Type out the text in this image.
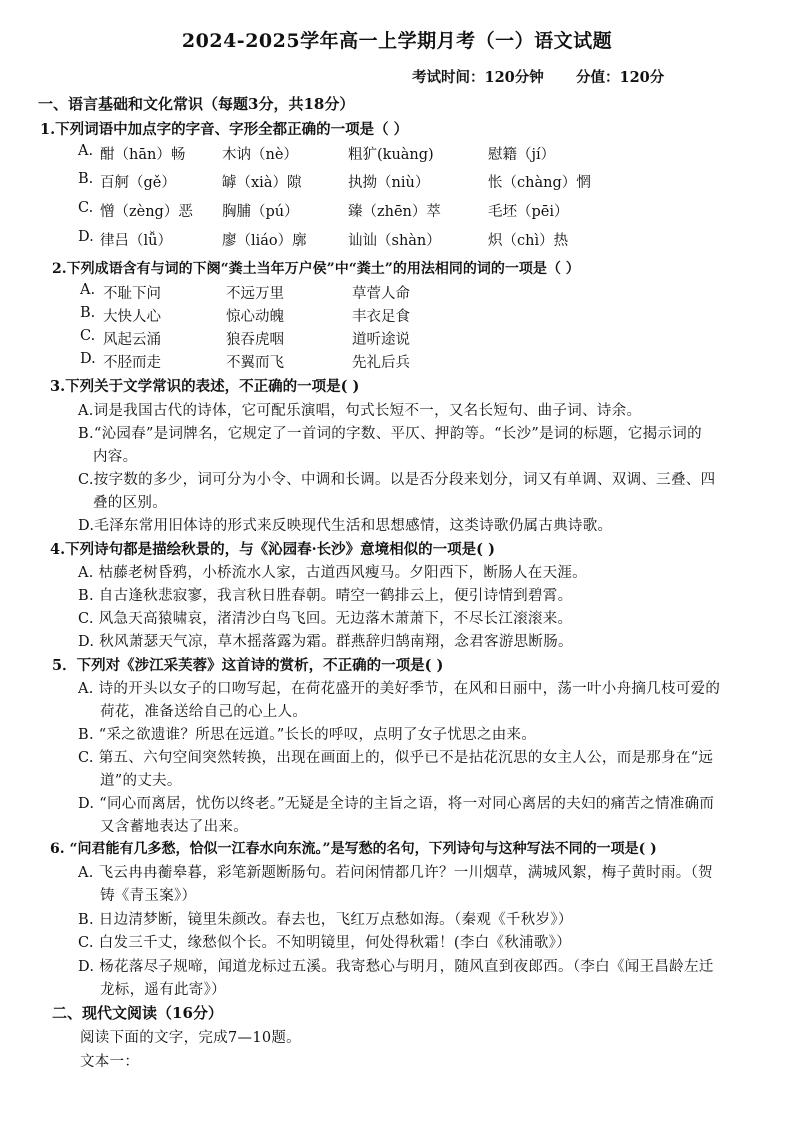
2024-2025学年高一上学期月考（一）语文试题
考试时间：120分钟 分值：120分
一、语言基础和文化常识（每题3分，共18分）
1.下列词语中加点字的字音、字形全都正确的一项是（ ）
A. 酣（hān）畅	木讷（nè）	粗犷(kuàng)	慰籍（jí）
B. 百舸（gě）	罅（xià）隙	执拗（niù）	怅（chàng）惘
C. 憎（zèng）恶 胸脯（pú）	臻（zhēn）萃	毛坯（pēi）
D. 律吕（lǚ）	廖（liáo）廓	讪讪（shàn）	炽（chì）热
2.下列成语含有与词的下阕“粪土当年万户侯”中“粪土”的用法相同的词的一项是（ ）
A. 不耻下问	不远万里	草菅人命
B. 大快人心	惊心动魄	丰衣足食
C. 风起云涌	狼吞虎咽	道听途说
D. 不胫而走	不翼而飞	先礼后兵
3.下列关于文学常识的表述，不正确的一项是( )
A.词是我国古代的诗体，它可配乐演唱，句式长短不一，又名长短句、曲子词、诗余。
B.“沁园春”是词牌名，它规定了一首词的字数、平仄、押韵等。“长沙”是词的标题，它揭示词的
内容。
C.按字数的多少，词可分为小令、中调和长调。以是否分段来划分，词又有单调、双调、三叠、四
叠的区别。
D.毛泽东常用旧体诗的形式来反映现代生活和思想感情，这类诗歌仍属古典诗歌。
4.下列诗句都是描绘秋景的，与《沁园春·长沙》意境相似的一项是( )
A. 枯藤老树昏鸦，小桥流水人家，古道西风瘦马。夕阳西下，断肠人在天涯。
B. 自古逢秋悲寂寥，我言秋日胜春朝。晴空一鹤排云上，便引诗情到碧霄。
C. 风急天高猿啸哀，渚清沙白鸟飞回。无边落木萧萧下，不尽长江滚滚来。
D. 秋风萧瑟天气凉，草木摇落露为霜。群燕辞归鹄南翔，念君客游思断肠。
5．下列对《涉江采芙蓉》这首诗的赏析，不正确的一项是( )
A. 诗的开头以女子的口吻写起，在荷花盛开的美好季节，在风和日丽中，荡一叶小舟摘几枝可爱的
荷花，准备送给自己的心上人。
B. “采之欲遗谁？所思在远道。”长长的呼叹，点明了女子忧思之由来。
C. 第五、六句空间突然转换，出现在画面上的，似乎已不是拈花沉思的女主人公，而是那身在“远
道”的丈夫。
D. “同心而离居，忧伤以终老。”无疑是全诗的主旨之语，将一对同心离居的夫妇的痛苦之情准确而
又含蓄地表达了出来。
6. “问君能有几多愁，恰似一江春水向东流。”是写愁的名句，下列诗句与这种写法不同的一项是( )
A. 飞云冉冉蘅皋暮，彩笔新题断肠句。若问闲情都几许？一川烟草，满城风絮，梅子黄时雨。（贺
铸《青玉案》）
B. 日边清梦断，镜里朱颜改。春去也，飞红万点愁如海。（秦观《千秋岁》）
C. 白发三千丈，缘愁似个长。不知明镜里，何处得秋霜！(李白《秋浦歌》）
D. 杨花落尽子规啼，闻道龙标过五溪。我寄愁心与明月，随风直到夜郎西。（李白《闻王昌龄左迁
龙标，遥有此寄》）
二、现代文阅读（16分）
阅读下面的文字，完成7—10题。
文本一：
